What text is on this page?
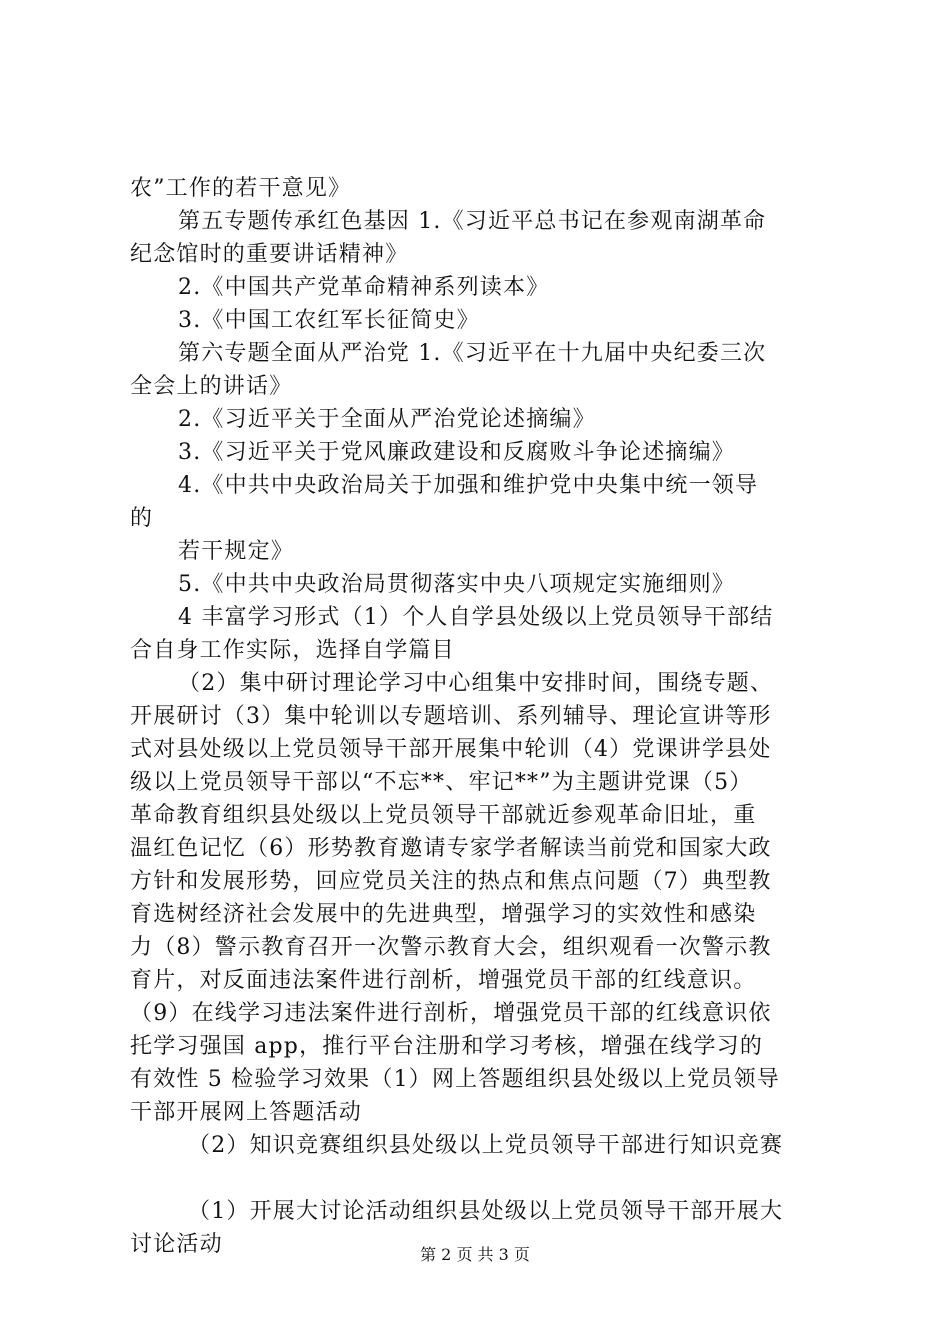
农”工作的若干意见》
第五专题传承红色基因 1.《习近平总书记在参观南湖革命
纪念馆时的重要讲话精神》
2.《中国共产党革命精神系列读本》
3.《中国工农红军长征简史》
第六专题全面从严治党 1.《习近平在十九届中央纪委三次
全会上的讲话》
2.《习近平关于全面从严治党论述摘编》
3.《习近平关于党风廉政建设和反腐败斗争论述摘编》
4.《中共中央政治局关于加强和维护党中央集中统一领导
的
若干规定》
5.《中共中央政治局贯彻落实中央八项规定实施细则》
4 丰富学习形式（1）个人自学县处级以上党员领导干部结
合自身工作实际，选择自学篇目
（2）集中研讨理论学习中心组集中安排时间，围绕专题、
开展研讨（3）集中轮训以专题培训、系列辅导、理论宣讲等形
式对县处级以上党员领导干部开展集中轮训（4）党课讲学县处
级以上党员领导干部以“不忘**、牢记**”为主题讲党课（5）
革命教育组织县处级以上党员领导干部就近参观革命旧址，重
温红色记忆（6）形势教育邀请专家学者解读当前党和国家大政
方针和发展形势，回应党员关注的热点和焦点问题（7）典型教
育选树经济社会发展中的先进典型，增强学习的实效性和感染
力（8）警示教育召开一次警示教育大会，组织观看一次警示教
育片，对反面违法案件进行剖析，增强党员干部的红线意识。
（9）在线学习违法案件进行剖析，增强党员干部的红线意识依
托学习强国 app，推行平台注册和学习考核，增强在线学习的
有效性 5 检验学习效果（1）网上答题组织县处级以上党员领导
干部开展网上答题活动
（2）知识竞赛组织县处级以上党员领导干部进行知识竞赛
（1）开展大讨论活动组织县处级以上党员领导干部开展大
讨论活动	第 2 页 共 3 页
